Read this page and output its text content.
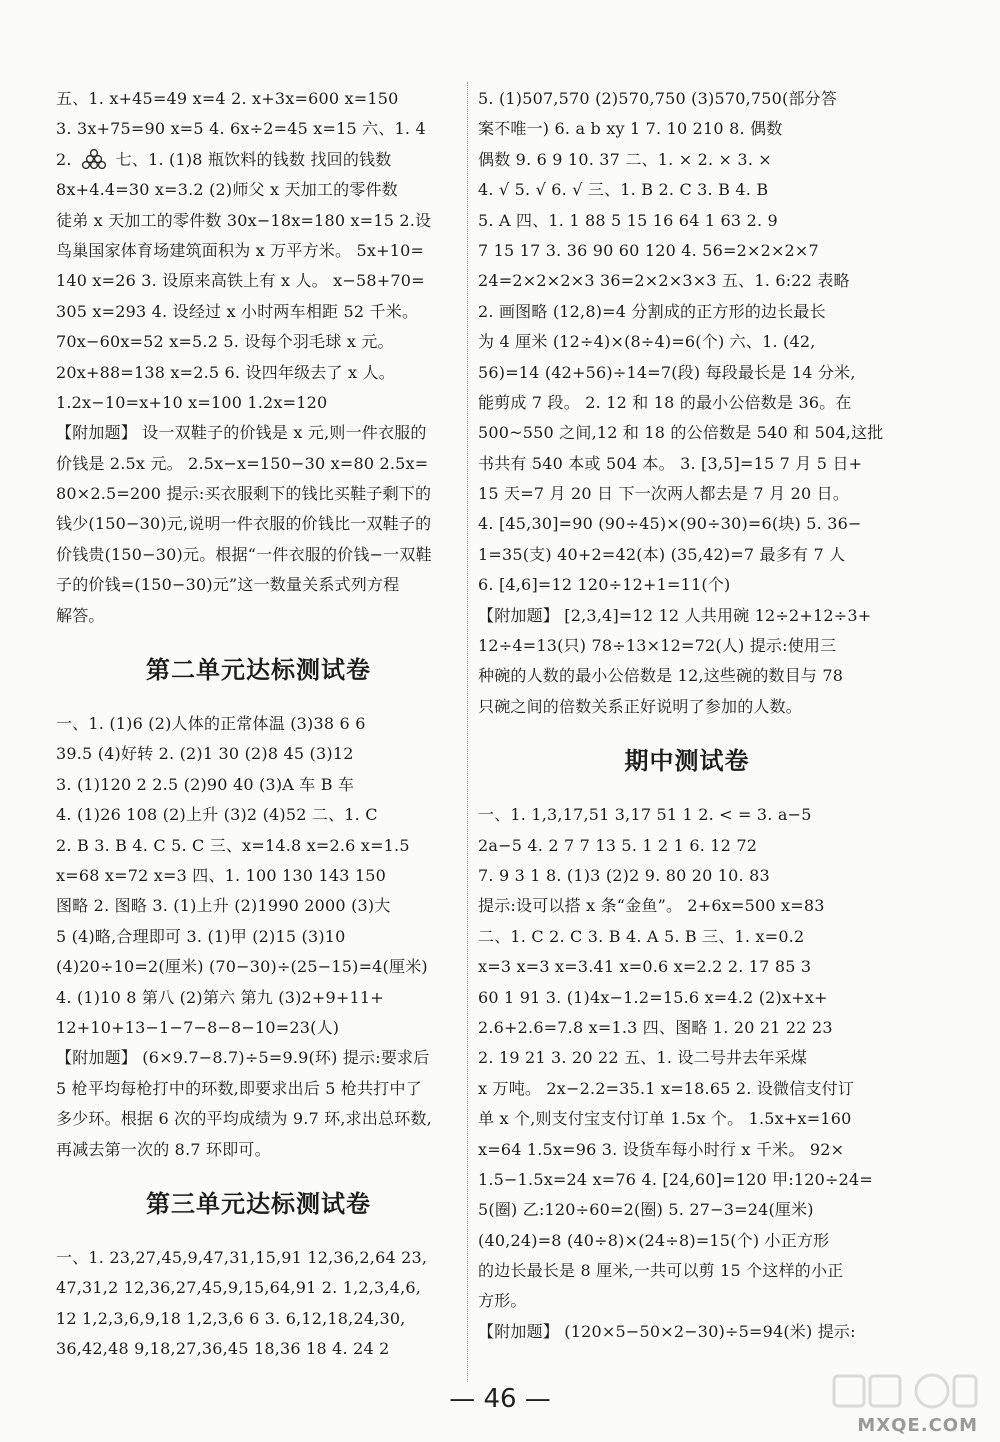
五、1. x+45=49 x=4 2. x+3x=600 x=150
3. 3x+75=90 x=5 4. 6x÷2=45 x=15 六、1. 4
2.	七、1. (1)8 瓶饮料的钱数 找回的钱数
8x+4.4=30 x=3.2 (2)师父 x 天加工的零件数
徒弟 x 天加工的零件数 30x−18x=180 x=15 2.设
鸟巢国家体育场建筑面积为 x 万平方米。 5x+10=
140 x=26 3. 设原来高铁上有 x 人。 x−58+70=
305 x=293 4. 设经过 x 小时两车相距 52 千米。
70x−60x=52 x=5.2 5. 设每个羽毛球 x 元。
20x+88=138 x=2.5 6. 设四年级去了 x 人。
1.2x−10=x+10 x=100 1.2x=120
【附加题】 设一双鞋子的价钱是 x 元,则一件衣服的
价钱是 2.5x 元。 2.5x−x=150−30 x=80 2.5x=
80×2.5=200 提示:买衣服剩下的钱比买鞋子剩下的
钱少(150−30)元,说明一件衣服的价钱比一双鞋子的
价钱贵(150−30)元。根据“一件衣服的价钱−一双鞋
子的价钱=(150−30)元”这一数量关系式列方程
解答。
第二单元达标测试卷
一、1. (1)6 (2)人体的正常体温 (3)38 6 6
39.5 (4)好转 2. (2)1 30 (2)8 45 (3)12
3. (1)120 2 2.5 (2)90 40 (3)A 车 B 车
4. (1)26 108 (2)上升 (3)2 (4)52 二、1. C
2. B 3. B 4. C 5. C 三、x=14.8 x=2.6 x=1.5
x=68 x=72 x=3 四、1. 100 130 143 150
图略 2. 图略 3. (1)上升 (2)1990 2000 (3)大
5 (4)略,合理即可 3. (1)甲 (2)15 (3)10
(4)20÷10=2(厘米) (70−30)÷(25−15)=4(厘米)
4. (1)10 8 第八 (2)第六 第九 (3)2+9+11+
12+10+13−1−7−8−8−10=23(人)
【附加题】 (6×9.7−8.7)÷5=9.9(环) 提示:要求后
5 枪平均每枪打中的环数,即要求出后 5 枪共打中了
多少环。根据 6 次的平均成绩为 9.7 环,求出总环数,
再减去第一次的 8.7 环即可。
第三单元达标测试卷
一、1. 23,27,45,9,47,31,15,91 12,36,2,64 23,
47,31,2 12,36,27,45,9,15,64,91 2. 1,2,3,4,6,
12 1,2,3,6,9,18 1,2,3,6 6 3. 6,12,18,24,30,
36,42,48 9,18,27,36,45 18,36 18 4. 24 2
5. (1)507,570 (2)570,750 (3)570,750(部分答
案不唯一) 6. a b xy 1 7. 10 210 8. 偶数
偶数 9. 6 9 10. 37 二、1. × 2. × 3. ×
4. √ 5. √ 6. √ 三、1. B 2. C 3. B 4. B
5. A 四、1. 1 88 5 15 16 64 1 63 2. 9
7 15 17 3. 36 90 60 120 4. 56=2×2×2×7
24=2×2×2×3 36=2×2×3×3 五、1. 6:22 表略
2. 画图略 (12,8)=4 分割成的正方形的边长最长
为 4 厘米 (12÷4)×(8÷4)=6(个) 六、1. (42,
56)=14 (42+56)÷14=7(段) 每段最长是 14 分米,
能剪成 7 段。 2. 12 和 18 的最小公倍数是 36。在
500~550 之间,12 和 18 的公倍数是 540 和 504,这批
书共有 540 本或 504 本。 3. [3,5]=15 7 月 5 日+
15 天=7 月 20 日 下一次两人都去是 7 月 20 日。
4. [45,30]=90 (90÷45)×(90÷30)=6(块) 5. 36−
1=35(支) 40+2=42(本) (35,42)=7 最多有 7 人
6. [4,6]=12 120÷12+1=11(个)
【附加题】 [2,3,4]=12 12 人共用碗 12÷2+12÷3+
12÷4=13(只) 78÷13×12=72(人) 提示:使用三
种碗的人数的最小公倍数是 12,这些碗的数目与 78
只碗之间的倍数关系正好说明了参加的人数。
期中测试卷
一、1. 1,3,17,51 3,17 51 1 2. < = 3. a−5
2a−5 4. 2 7 7 13 5. 1 2 1 6. 12 72
7. 9 3 1 8. (1)3 (2)2 9. 80 20 10. 83
提示:设可以搭 x 条“金鱼”。 2+6x=500 x=83
二、1. C 2. C 3. B 4. A 5. B 三、1. x=0.2
x=3 x=3 x=3.41 x=0.6 x=2.2 2. 17 85 3
60 1 91 3. (1)4x−1.2=15.6 x=4.2 (2)x+x+
2.6+2.6=7.8 x=1.3 四、图略 1. 20 21 22 23
2. 19 21 3. 20 22 五、1. 设二号井去年采煤
x 万吨。 2x−2.2=35.1 x=18.65 2. 设微信支付订
单 x 个,则支付宝支付订单 1.5x 个。 1.5x+x=160
x=64 1.5x=96 3. 设货车每小时行 x 千米。 92×
1.5−1.5x=24 x=76 4. [24,60]=120 甲:120÷24=
5(圈) 乙:120÷60=2(圈) 5. 27−3=24(厘米)
(40,24)=8 (40÷8)×(24÷8)=15(个) 小正方形
的边长最长是 8 厘米,一共可以剪 15 个这样的小正
方形。
【附加题】 (120×5−50×2−30)÷5=94(米) 提示:
— 46 —
MXQE.COM
